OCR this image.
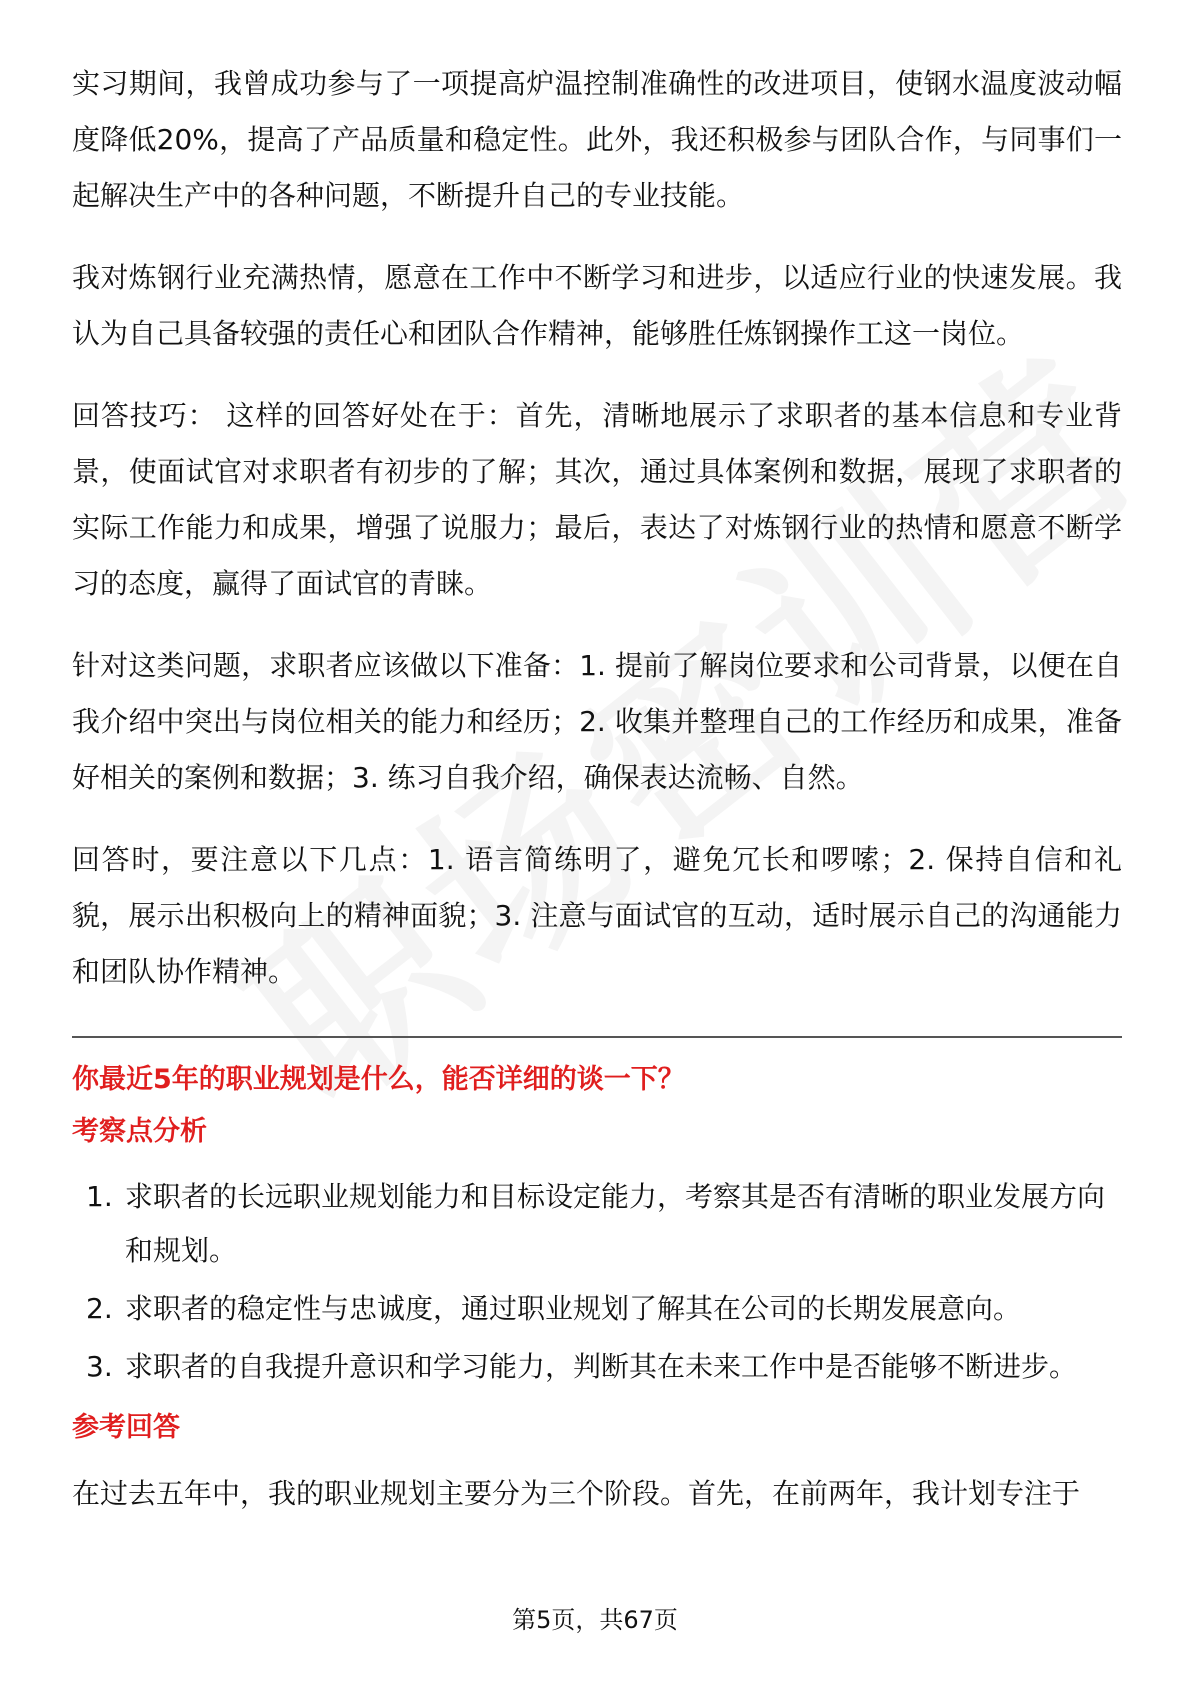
实习期间，我曾成功参与了一项提高炉温控制准确性的改进项目，使钢水温度波动幅度降低20%，提高了产品质量和稳定性。此外，我还积极参与团队合作，与同事们一起解决生产中的各种问题，不断提升自己的专业技能。

我对炼钢行业充满热情，愿意在工作中不断学习和进步，以适应行业的快速发展。我认为自己具备较强的责任心和团队合作精神，能够胜任炼钢操作工这一岗位。

回答技巧： 这样的回答好处在于：首先，清晰地展示了求职者的基本信息和专业背景，使面试官对求职者有初步的了解；其次，通过具体案例和数据，展现了求职者的实际工作能力和成果，增强了说服力；最后，表达了对炼钢行业的热情和愿意不断学习的态度，赢得了面试官的青睐。

针对这类问题，求职者应该做以下准备：1. 提前了解岗位要求和公司背景，以便在自我介绍中突出与岗位相关的能力和经历；2. 收集并整理自己的工作经历和成果，准备好相关的案例和数据；3. 练习自我介绍，确保表达流畅、自然。

回答时，要注意以下几点：1. 语言简练明了，避免冗长和啰嗦；2. 保持自信和礼貌，展示出积极向上的精神面貌；3. 注意与面试官的互动，适时展示自己的沟通能力和团队协作精神。

你最近5年的职业规划是什么，能否详细的谈一下？
考察点分析
1. 求职者的长远职业规划能力和目标设定能力，考察其是否有清晰的职业发展方向和规划。
2. 求职者的稳定性与忠诚度，通过职业规划了解其在公司的长期发展意向。
3. 求职者的自我提升意识和学习能力，判断其在未来工作中是否能够不断进步。
参考回答

在过去五年中，我的职业规划主要分为三个阶段。首先，在前两年，我计划专注于

第5页，共67页
